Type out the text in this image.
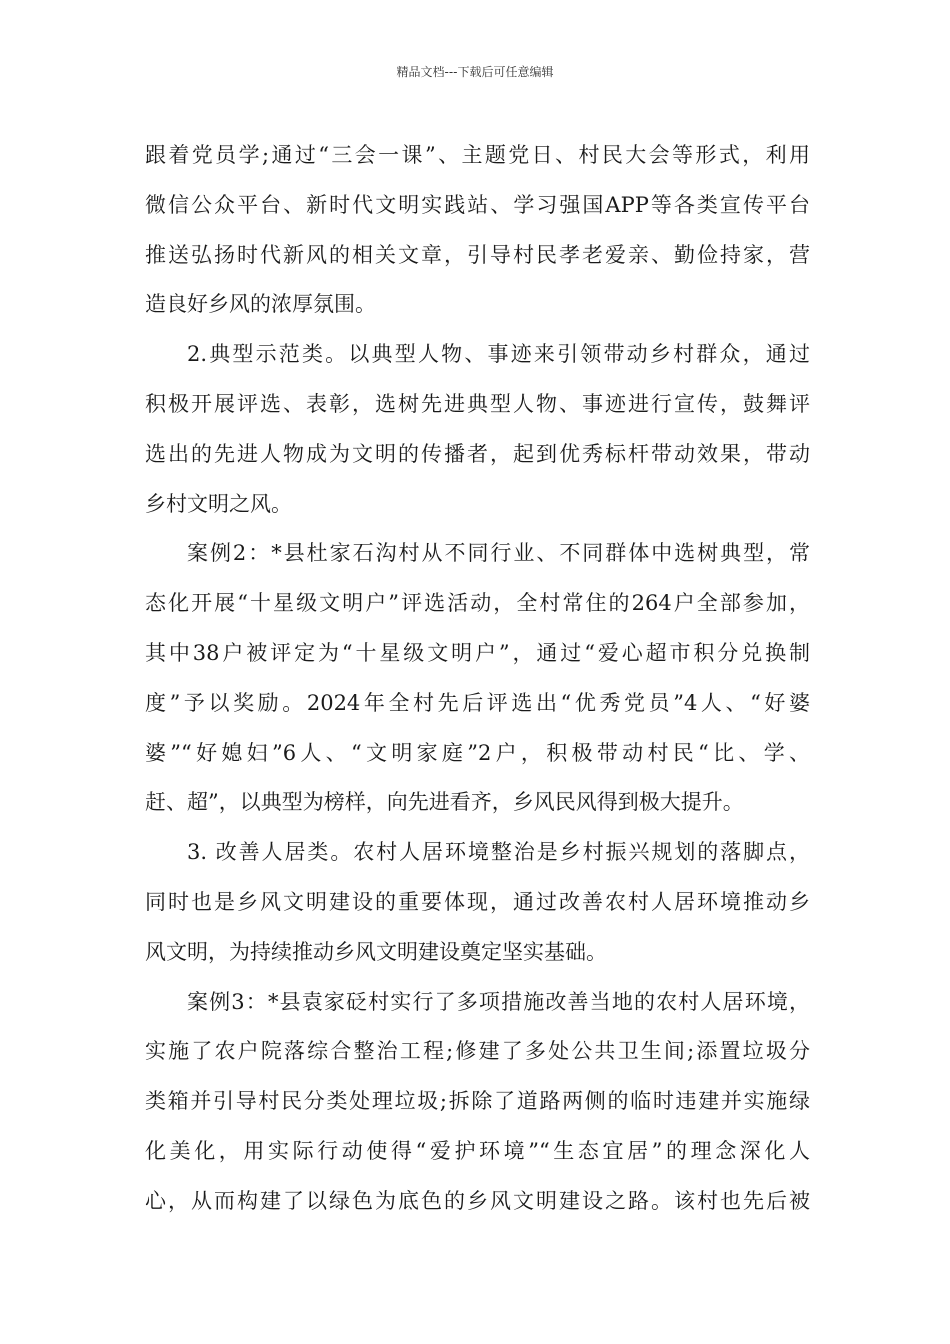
精品文档---下载后可任意编辑
跟着党员学;通过“三会一课”、主题党日、村民大会等形式，利用
微信公众平台、新时代文明实践站、学习强国APP等各类宣传平台
推送弘扬时代新风的相关文章，引导村民孝老爱亲、勤俭持家，营
造良好乡风的浓厚氛围。
2.典型示范类。以典型人物、事迹来引领带动乡村群众，通过
积极开展评选、表彰，选树先进典型人物、事迹进行宣传，鼓舞评
选出的先进人物成为文明的传播者，起到优秀标杆带动效果，带动
乡村文明之风。
案例2：*县杜家石沟村从不同行业、不同群体中选树典型，常
态化开展“十星级文明户”评选活动，全村常住的264户全部参加，
其中38户被评定为“十星级文明户”，通过“爱心超市积分兑换制
度”予以奖励。2024年全村先后评选出“优秀党员”4人、“好婆
婆”“好媳妇”6人、“文明家庭”2户，积极带动村民“比、学、
赶、超”，以典型为榜样，向先进看齐，乡风民风得到极大提升。
3. 改善人居类。农村人居环境整治是乡村振兴规划的落脚点，
同时也是乡风文明建设的重要体现，通过改善农村人居环境推动乡
风文明，为持续推动乡风文明建设奠定坚实基础。
案例3：*县袁家砭村实行了多项措施改善当地的农村人居环境，
实施了农户院落综合整治工程;修建了多处公共卫生间;添置垃圾分
类箱并引导村民分类处理垃圾;拆除了道路两侧的临时违建并实施绿
化美化，用实际行动使得“爱护环境”“生态宜居”的理念深化人
心，从而构建了以绿色为底色的乡风文明建设之路。该村也先后被
